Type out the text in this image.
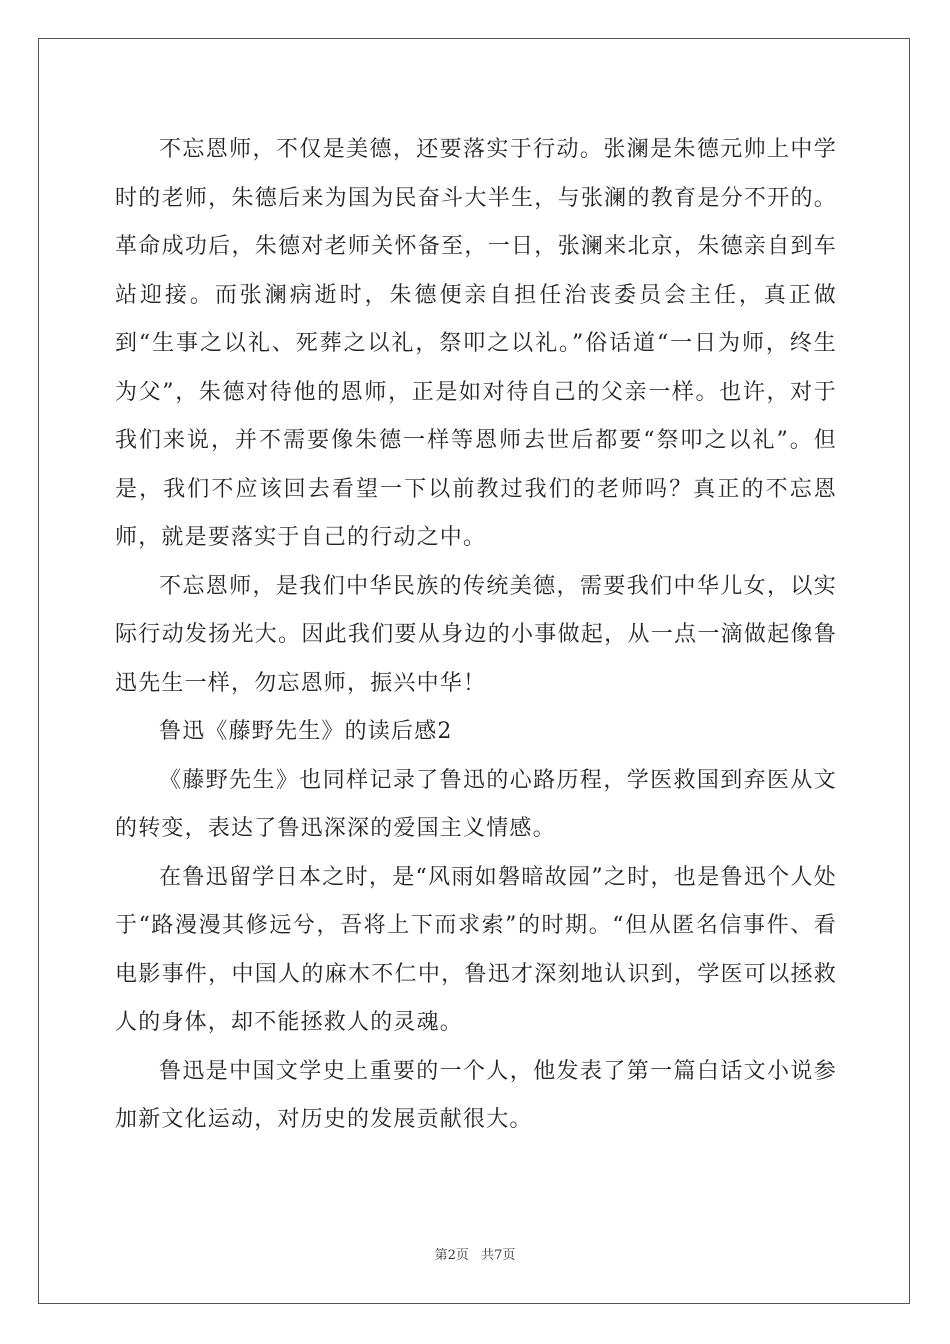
不忘恩师，不仅是美德，还要落实于行动。张澜是朱德元帅上中学时的老师，朱德后来为国为民奋斗大半生，与张澜的教育是分不开的。革命成功后，朱德对老师关怀备至，一日，张澜来北京，朱德亲自到车站迎接。而张澜病逝时，朱德便亲自担任治丧委员会主任，真正做到“生事之以礼、死葬之以礼，祭叩之以礼。”俗话道“一日为师，终生为父”，朱德对待他的恩师，正是如对待自己的父亲一样。也许，对于我们来说，并不需要像朱德一样等恩师去世后都要“祭叩之以礼”。但是，我们不应该回去看望一下以前教过我们的老师吗？真正的不忘恩师，就是要落实于自己的行动之中。

不忘恩师，是我们中华民族的传统美德，需要我们中华儿女，以实际行动发扬光大。因此我们要从身边的小事做起，从一点一滴做起像鲁迅先生一样，勿忘恩师，振兴中华！

鲁迅《藤野先生》的读后感2

《藤野先生》也同样记录了鲁迅的心路历程，学医救国到弃医从文的转变，表达了鲁迅深深的爱国主义情感。

在鲁迅留学日本之时，是“风雨如磐暗故园”之时，也是鲁迅个人处于“路漫漫其修远兮，吾将上下而求索”的时期。“但从匿名信事件、看电影事件，中国人的麻木不仁中，鲁迅才深刻地认识到，学医可以拯救人的身体，却不能拯救人的灵魂。

鲁迅是中国文学史上重要的一个人，他发表了第一篇白话文小说参加新文化运动，对历史的发展贡献很大。

第2页 共7页
